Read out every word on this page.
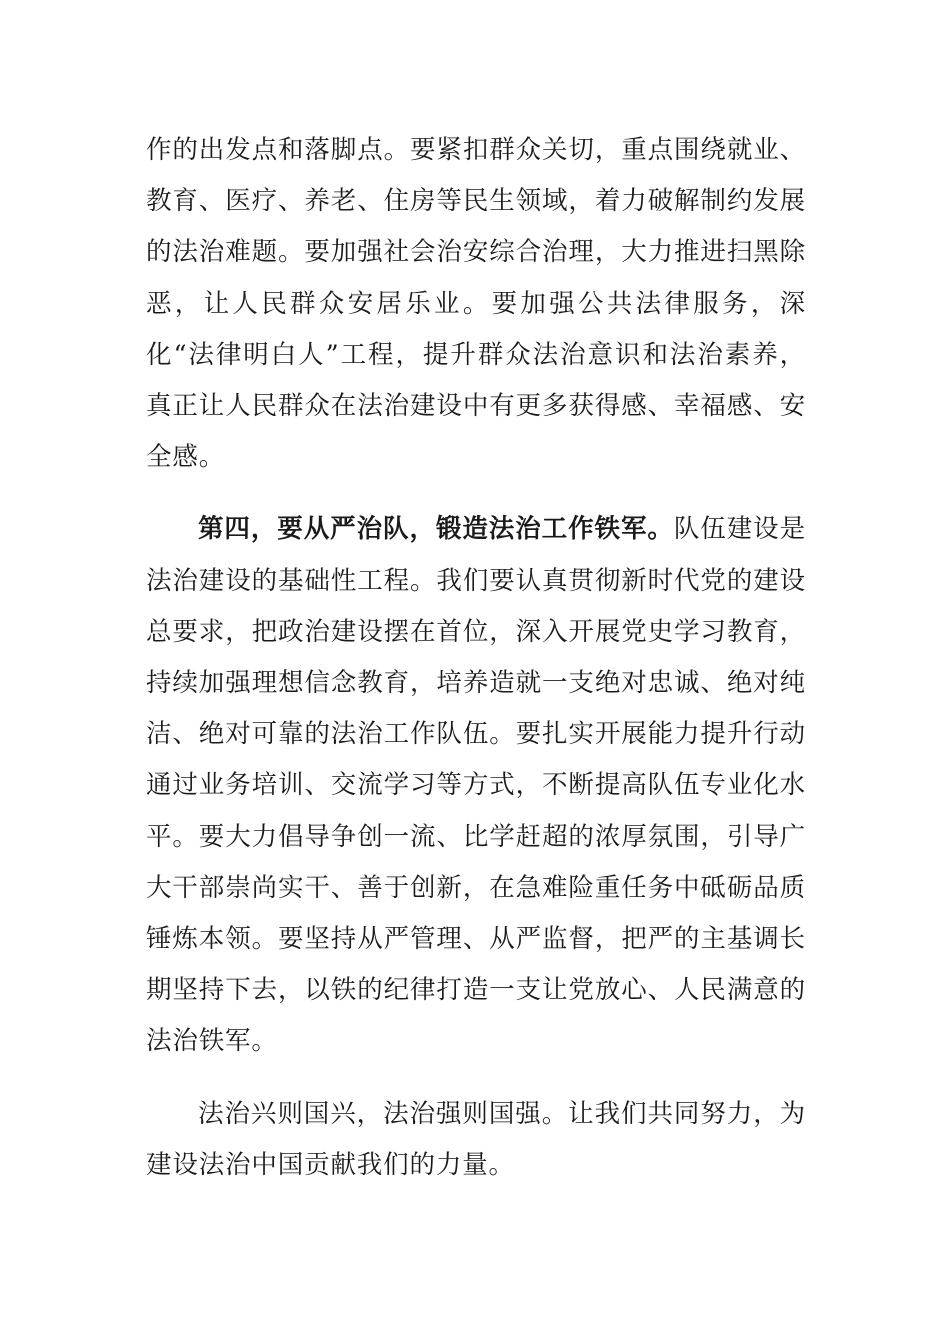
作的出发点和落脚点。要紧扣群众关切，重点围绕就业、教育、医疗、养老、住房等民生领域，着力破解制约发展的法治难题。要加强社会治安综合治理，大力推进扫黑除恶，让人民群众安居乐业。要加强公共法律服务，深化“法律明白人”工程，提升群众法治意识和法治素养，真正让人民群众在法治建设中有更多获得感、幸福感、安全感。

第四，要从严治队，锻造法治工作铁军。队伍建设是法治建设的基础性工程。我们要认真贯彻新时代党的建设总要求，把政治建设摆在首位，深入开展党史学习教育，持续加强理想信念教育，培养造就一支绝对忠诚、绝对纯洁、绝对可靠的法治工作队伍。要扎实开展能力提升行动通过业务培训、交流学习等方式，不断提高队伍专业化水平。要大力倡导争创一流、比学赶超的浓厚氛围，引导广大干部崇尚实干、善于创新，在急难险重任务中砥砺品质锤炼本领。要坚持从严管理、从严监督，把严的主基调长期坚持下去，以铁的纪律打造一支让党放心、人民满意的法治铁军。

法治兴则国兴，法治强则国强。让我们共同努力，为建设法治中国贡献我们的力量。
